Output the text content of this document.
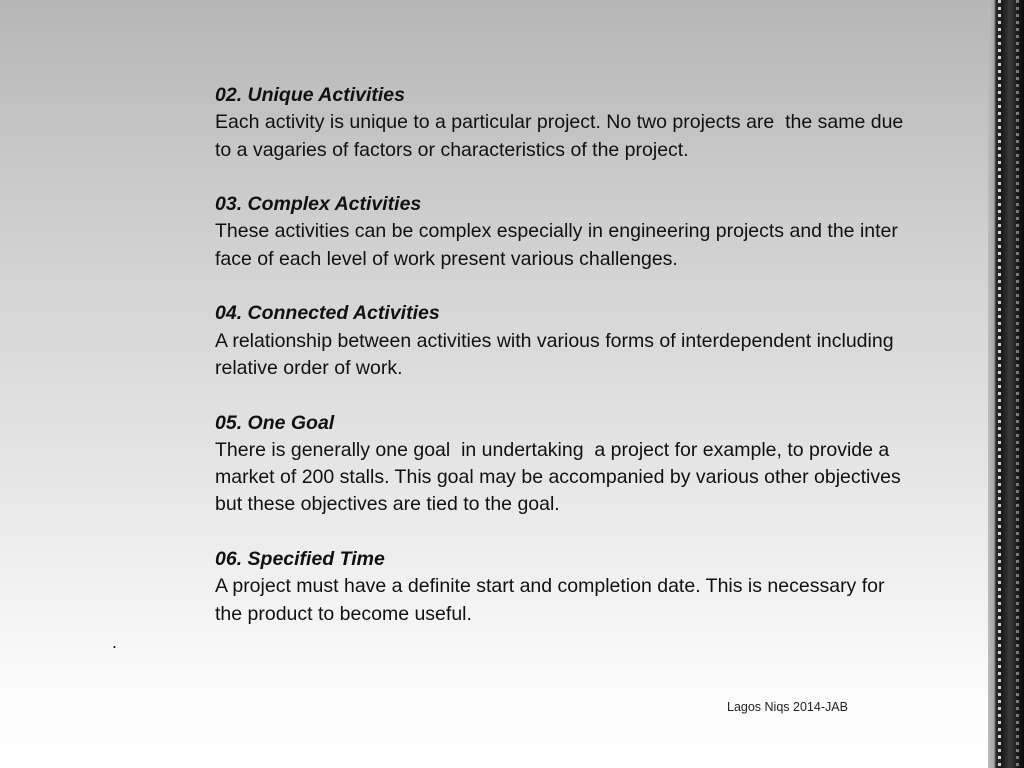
02. Unique Activities
Each activity is unique to a particular project. No two projects are  the same due to a vagaries of factors or characteristics of the project.
03. Complex Activities
These activities can be complex especially in engineering projects and the inter face of each level of work present various challenges.
04. Connected Activities
A relationship between activities with various forms of interdependent including relative order of work.
05. One Goal
There is generally one goal  in undertaking  a project for example, to provide a market of 200 stalls. This goal may be accompanied by various other objectives but these objectives are tied to the goal.
06. Specified Time
A project must have a definite start and completion date. This is necessary for the product to become useful.
.
Lagos Niqs 2014-JAB
